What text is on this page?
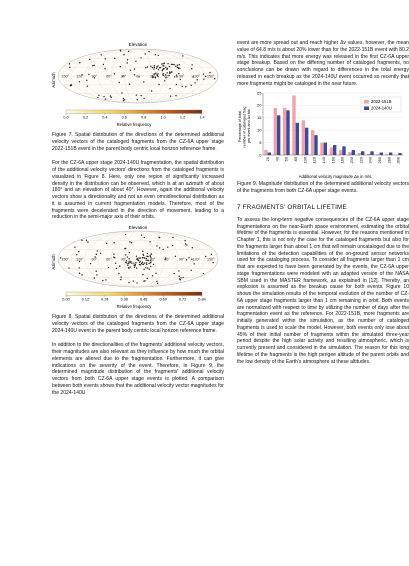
Elevation
150° 120° 90°	60°	30°	0°	30°	60°	90° 120° 150°
Azimuth
0.0	0.2	0.4	0.6	0.8	1.0	1.2	1.4
Relative frequency

Figure 7. Spatial distribution of the directions of the determined additional velocity vectors of the cataloged fragments from the CZ-6A upper stage 2022-151B event in the parent body centric local horizon reference frame.

For the CZ-6A upper stage 2024-140U fragmentation, the spatial distribution of the additional velocity vectors' directions from the cataloged fragments is visualized in Figure 8. Here, only one region of significantly increased density in the distribution can be observed, which is at an azimuth of about 180° and an elevation of about 40°. However, again the additional velocity vectors show a directionality and not an even omnidirectional distribution as it is assumed in current fragmentation models. Therefore, most of the fragments were decelerated in the direction of movement, leading to a reduction in the semi-major axis of their orbits.

Elevation
150° 120° 90°	60°	30°	0°	30°	60°	90° 120° 150°
Azimuth
0.00	0.12	0.24	0.36	0.48	0.60	0.72	0.84
Relative frequency

Figure 8. Spatial distribution of the directions of the determined additional velocity vectors of the cataloged fragments from the CZ-6A upper stage 2024-140U event in the parent body centric local horizon reference frame.

In addition to the directionalities of the fragments' additional velocity vectors, their magnitudes are also relevant as they influence by how much the orbital elements are altered due to the fragmentation. Furthermore, it can give indications on the severity of the event. Therefore, in Figure 9, the determined magnitude distribution of the fragments' additional velocity vectors from both CZ-6A upper stage events is plotted. A comparison between both events shows that the additional velocity vector magnitudes for the 2024-140U

event are more spread out and reach higher Δv values, however, the mean value of 64.8 m/s is about 20% lower than for the 2022-151B event with 80.2 m/s. This indicates that more energy was released in the first CZ-6A upper stage breakup. Based on the differing number of cataloged fragments, no conclusions can be drawn with regard to differences in the total energy released in each breakup as the 2024-140U event occurred so recently that more fragments might be cataloged in the near future.

0
5
10
15
20
25
20 40 60 80 100 120 140 160 180 200 220 240 260 280 300
2022-151B
2024-140U
Percentage of total number of cataloged frag. per event and Δv bin
Additional velocity magnitude Δv in m/s

Figure 9. Magnitude distribution of the determined additional velocity vectors of the fragments from both CZ-6A upper stage events.

7 FRAGMENTS' ORBITAL LIFETIME

To assess the long-term negative consequences of the CZ-6A upper stage fragmentations on the near-Earth space environment, estimating the orbital lifetime of the fragments is essential. However, for the reasons mentioned in Chapter 1, this is not only the case for the cataloged fragments but also for the fragments larger than about 1 cm that will remain uncataloged due to the limitations of the detection capabilities of the on-ground sensor networks used for the cataloging process. To consider all fragments larger than 1 cm that are expected to have been generated by the events, the CZ-6A upper stage fragmentations were modeled with an adapted version of the NASA SBM used in the MASTER framework, as explained in [12]. Thereby, an explosion is assumed as the breakup cause for both events. Figure 10 shows the simulation results of the temporal evolution of the number of CZ-6A upper stage fragments larger than 1 cm remaining in orbit. Both events are normalized with respect to time by utilizing the number of days after the fragmentation event as the reference. For 2022-151B, more fragments are initially generated within the simulation, as the number of cataloged fragments is used to scale the model. However, both events only lose about 45% of their initial number of fragments within the simulated three-year period despite the high solar activity and resulting atmospheric, which is currently present and considered in the simulation. The reason for this long lifetime of the fragments is the high perigee altitude of the parent orbits and the low density of the Earth's atmosphere at these altitudes.
